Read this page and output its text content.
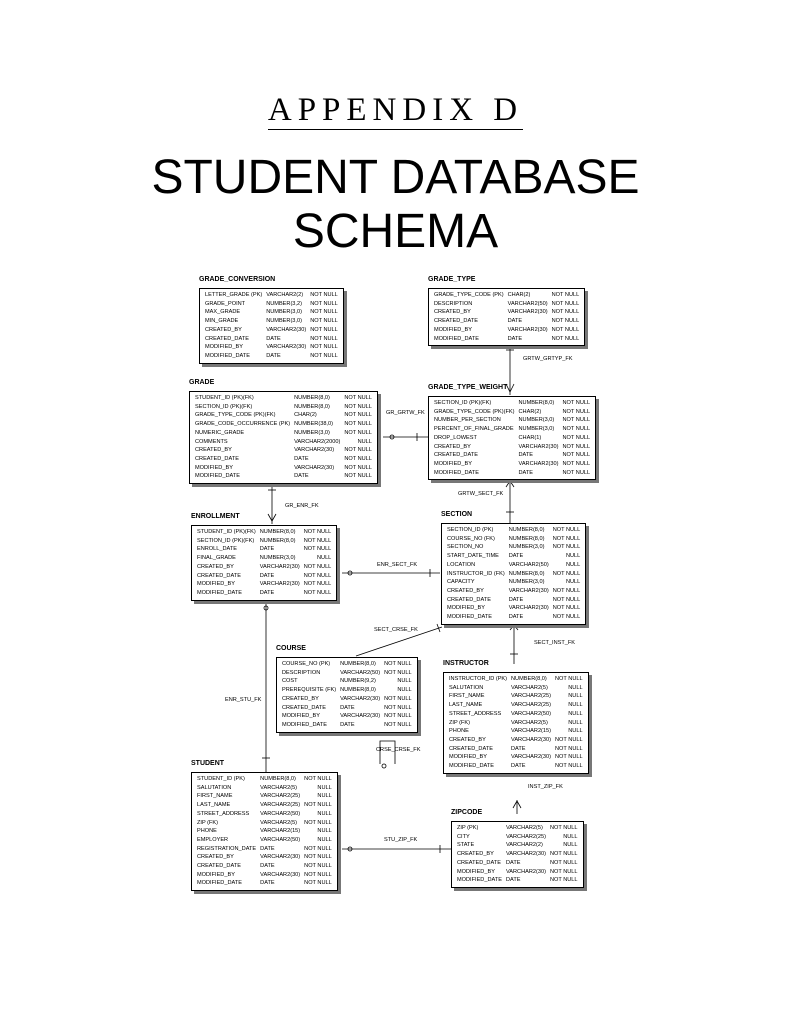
APPENDIX D
STUDENT DATABASE
SCHEMA
GRTW_GRTYP_FK
GR_GRTW_FK
GR_ENR_FK
GRTW_SECT_FK
ENR_SECT_FK
SECT_CRSE_FK
SECT_INST_FK
ENR_STU_FK
CRSE_CRSE_FK
INST_ZIP_FK
STU_ZIP_FK
GRADE_CONVERSION
LETTER_GRADE (PK)	VARCHAR2(2)	NOT NULL
GRADE_POINT	NUMBER(3,2)	NOT NULL
MAX_GRADE	NUMBER(3,0)	NOT NULL
MIN_GRADE	NUMBER(3,0)	NOT NULL
CREATED_BY	VARCHAR2(30)	NOT NULL
CREATED_DATE	DATE	NOT NULL
MODIFIED_BY	VARCHAR2(30)	NOT NULL
MODIFIED_DATE	DATE	NOT NULL
GRADE_TYPE
GRADE_TYPE_CODE (PK)	CHAR(2)	NOT NULL
DESCRIPTION	VARCHAR2(50)	NOT NULL
CREATED_BY	VARCHAR2(30)	NOT NULL
CREATED_DATE	DATE	NOT NULL
MODIFIED_BY	VARCHAR2(30)	NOT NULL
MODIFIED_DATE	DATE	NOT NULL
GRADE
STUDENT_ID (PK)(FK)	NUMBER(8,0)	NOT NULL
SECTION_ID (PK)(FK)	NUMBER(8,0)	NOT NULL
GRADE_TYPE_CODE (PK)(FK)	CHAR(2)	NOT NULL
GRADE_CODE_OCCURRENCE (PK)	NUMBER(38,0)	NOT NULL
NUMERIC_GRADE	NUMBER(3,0)	NOT NULL
COMMENTS	VARCHAR2(2000)	NULL
CREATED_BY	VARCHAR2(30)	NOT NULL
CREATED_DATE	DATE	NOT NULL
MODIFIED_BY	VARCHAR2(30)	NOT NULL
MODIFIED_DATE	DATE	NOT NULL
GRADE_TYPE_WEIGHT
SECTION_ID (PK)(FK)	NUMBER(8,0)	NOT NULL
GRADE_TYPE_CODE (PK)(FK)	CHAR(2)	NOT NULL
NUMBER_PER_SECTION	NUMBER(3,0)	NOT NULL
PERCENT_OF_FINAL_GRADE	NUMBER(3,0)	NOT NULL
DROP_LOWEST	CHAR(1)	NOT NULL
CREATED_BY	VARCHAR2(30)	NOT NULL
CREATED_DATE	DATE	NOT NULL
MODIFIED_BY	VARCHAR2(30)	NOT NULL
MODIFIED_DATE	DATE	NOT NULL
ENROLLMENT
STUDENT_ID (PK)(FK)	NUMBER(8,0)	NOT NULL
SECTION_ID (PK)(FK)	NUMBER(8,0)	NOT NULL
ENROLL_DATE	DATE	NOT NULL
FINAL_GRADE	NUMBER(3,0)	NULL
CREATED_BY	VARCHAR2(30)	NOT NULL
CREATED_DATE	DATE	NOT NULL
MODIFIED_BY	VARCHAR2(30)	NOT NULL
MODIFIED_DATE	DATE	NOT NULL
SECTION
SECTION_ID (PK)	NUMBER(8,0)	NOT NULL
COURSE_NO (FK)	NUMBER(8,0)	NOT NULL
SECTION_NO	NUMBER(3,0)	NOT NULL
START_DATE_TIME	DATE	NULL
LOCATION	VARCHAR2(50)	NULL
INSTRUCTOR_ID (FK)	NUMBER(8,0)	NOT NULL
CAPACITY	NUMBER(3,0)	NULL
CREATED_BY	VARCHAR2(30)	NOT NULL
CREATED_DATE	DATE	NOT NULL
MODIFIED_BY	VARCHAR2(30)	NOT NULL
MODIFIED_DATE	DATE	NOT NULL
COURSE
COURSE_NO (PK)	NUMBER(8,0)	NOT NULL
DESCRIPTION	VARCHAR2(50)	NOT NULL
COST	NUMBER(9,2)	NULL
PREREQUISITE (FK)	NUMBER(8,0)	NULL
CREATED_BY	VARCHAR2(30)	NOT NULL
CREATED_DATE	DATE	NOT NULL
MODIFIED_BY	VARCHAR2(30)	NOT NULL
MODIFIED_DATE	DATE	NOT NULL
INSTRUCTOR
INSTRUCTOR_ID (PK)	NUMBER(8,0)	NOT NULL
SALUTATION	VARCHAR2(5)	NULL
FIRST_NAME	VARCHAR2(25)	NULL
LAST_NAME	VARCHAR2(25)	NULL
STREET_ADDRESS	VARCHAR2(50)	NULL
ZIP (FK)	VARCHAR2(5)	NULL
PHONE	VARCHAR2(15)	NULL
CREATED_BY	VARCHAR2(30)	NOT NULL
CREATED_DATE	DATE	NOT NULL
MODIFIED_BY	VARCHAR2(30)	NOT NULL
MODIFIED_DATE	DATE	NOT NULL
STUDENT
STUDENT_ID (PK)	NUMBER(8,0)	NOT NULL
SALUTATION	VARCHAR2(5)	NULL
FIRST_NAME	VARCHAR2(25)	NULL
LAST_NAME	VARCHAR2(25)	NOT NULL
STREET_ADDRESS	VARCHAR2(50)	NULL
ZIP (FK)	VARCHAR2(5)	NOT NULL
PHONE	VARCHAR2(15)	NULL
EMPLOYER	VARCHAR2(50)	NULL
REGISTRATION_DATE	DATE	NOT NULL
CREATED_BY	VARCHAR2(30)	NOT NULL
CREATED_DATE	DATE	NOT NULL
MODIFIED_BY	VARCHAR2(30)	NOT NULL
MODIFIED_DATE	DATE	NOT NULL
ZIPCODE
ZIP (PK)	VARCHAR2(5)	NOT NULL
CITY	VARCHAR2(25)	NULL
STATE	VARCHAR2(2)	NULL
CREATED_BY	VARCHAR2(30)	NOT NULL
CREATED_DATE	DATE	NOT NULL
MODIFIED_BY	VARCHAR2(30)	NOT NULL
MODIFIED_DATE	DATE	NOT NULL
